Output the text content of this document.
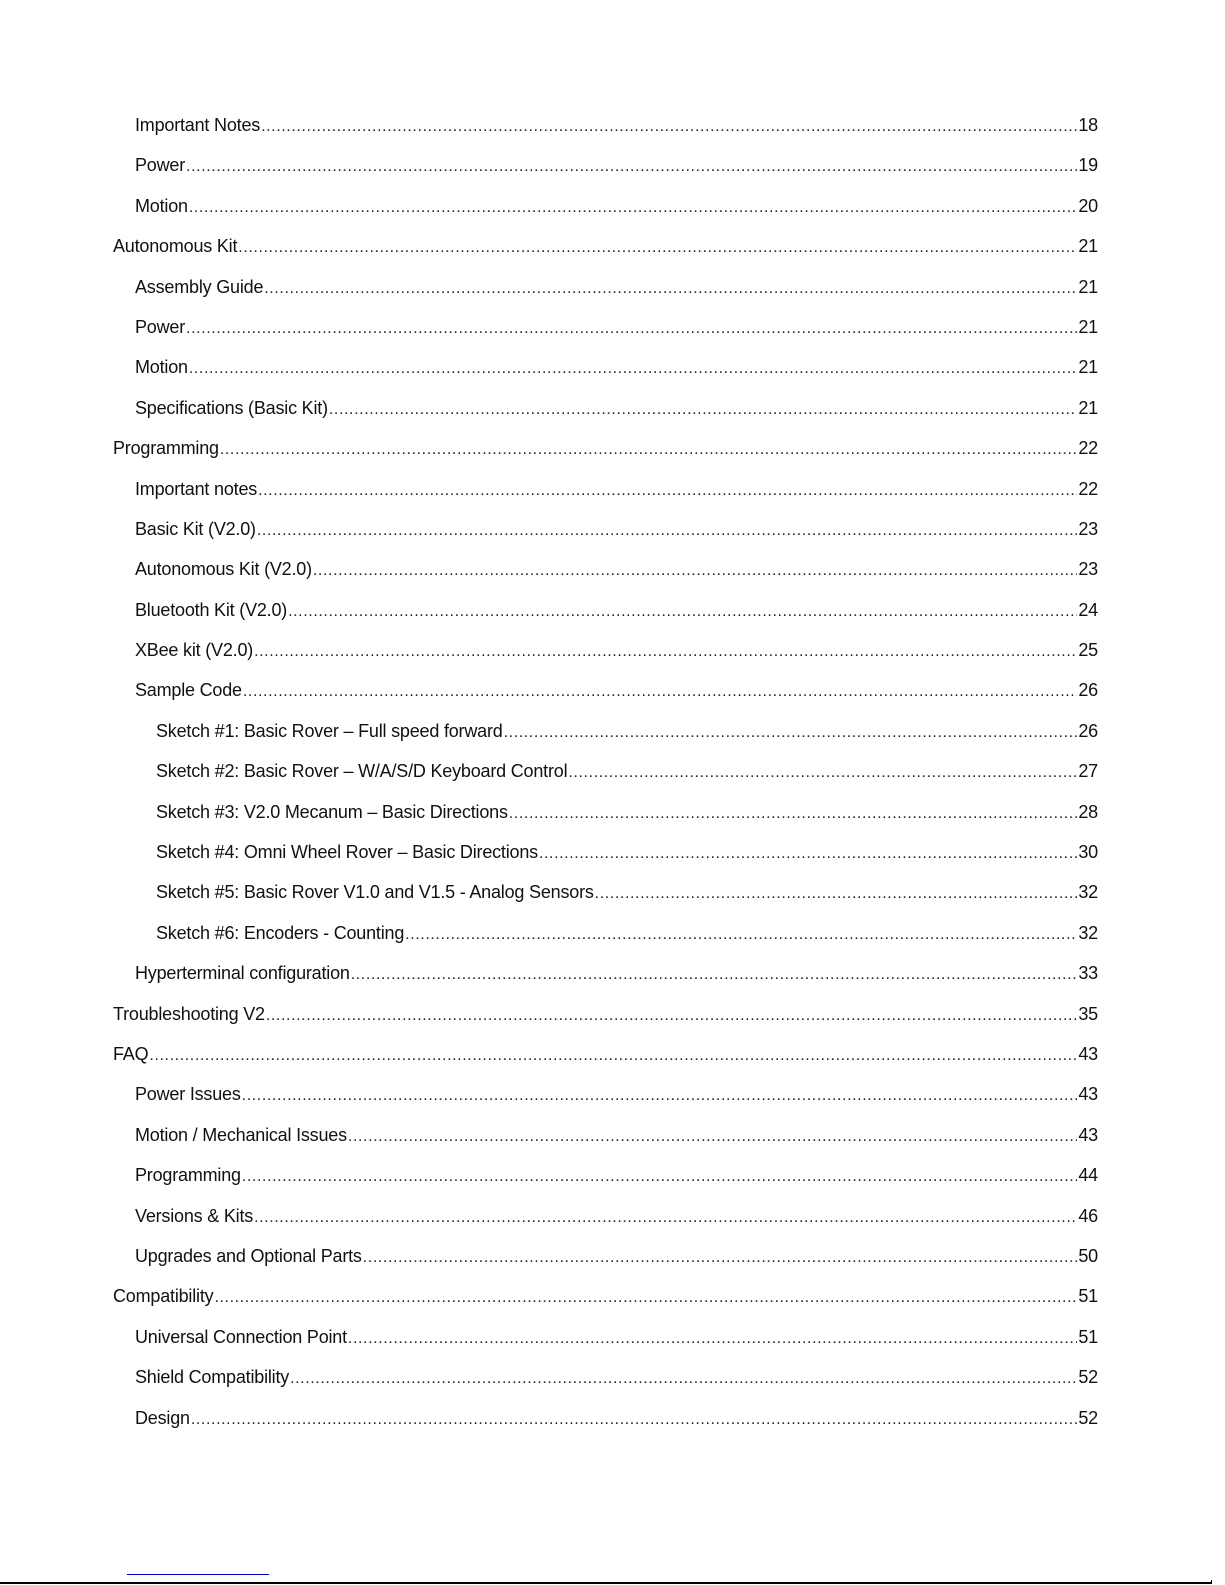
Important Notes .....	18
Power .....	19
Motion .....	20
Autonomous Kit .....	21
Assembly Guide .....	21
Power .....	21
Motion .....	21
Specifications (Basic Kit) .....	21
Programming .....	22
Important notes .....	22
Basic Kit (V2.0) .....	23
Autonomous Kit (V2.0) .....	23
Bluetooth Kit (V2.0) .....	24
XBee kit (V2.0) .....	25
Sample Code .....	26
Sketch #1: Basic Rover – Full speed forward .....	26
Sketch #2: Basic Rover – W/A/S/D Keyboard Control .....	27
Sketch #3: V2.0 Mecanum – Basic Directions .....	28
Sketch #4: Omni Wheel Rover – Basic Directions .....	30
Sketch #5: Basic Rover V1.0 and V1.5 - Analog Sensors .....	32
Sketch #6: Encoders - Counting .....	32
Hyperterminal configuration .....	33
Troubleshooting V2 .....	35
FAQ .....	43
Power Issues .....	43
Motion / Mechanical Issues .....	43
Programming .....	44
Versions & Kits .....	46
Upgrades and Optional Parts .....	50
Compatibility .....	51
Universal Connection Point .....	51
Shield Compatibility .....	52
Design .....	52
